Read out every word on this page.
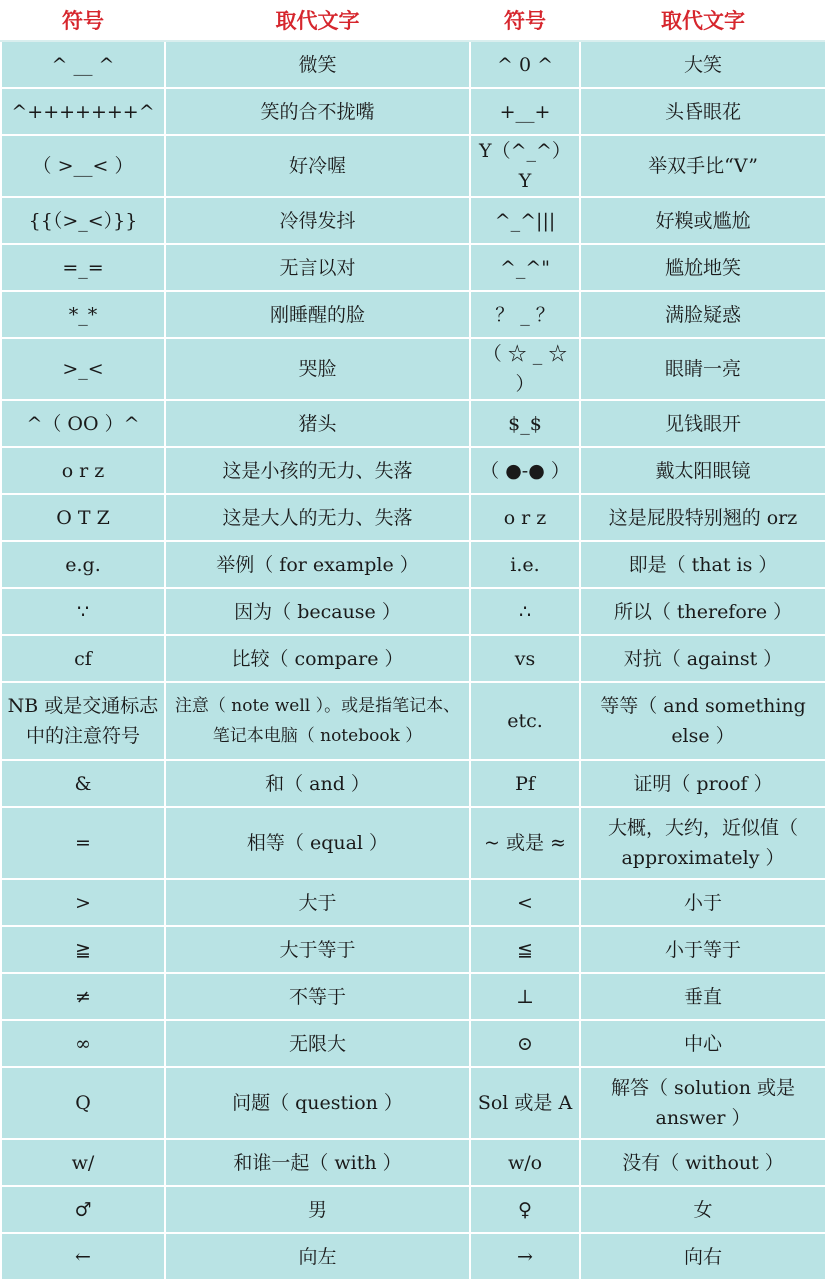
符号	取代文字	符号	取代文字
^ __ ^	微笑	^ 0 ^	大笑
^+++++++^	笑的合不拢嘴	+__+	头昏眼花
（ >__< ）	好冷喔	Y（^_^）Y	举双手比“V”
{{（>_<）}}	冷得发抖	^_^|||	好糗或尴尬
=_=	无言以对	^_^"	尴尬地笑
*_*	刚睡醒的脸	？ _ ？	满脸疑惑
>_<	哭脸	（ ☆ _ ☆ ）	眼睛一亮
^（ OO ）^	猪头	$_$	见钱眼开
o r z	这是小孩的无力、失落	（ ●-● ）	戴太阳眼镜
O T Z	这是大人的无力、失落	o r z	这是屁股特别翘的 orz
e.g.	举例（ for example ）	i.e.	即是（ that is ）
∵	因为（ because ）	∴	所以（ therefore ）
cf	比较（ compare ）	vs	对抗（ against ）
NB 或是交通标志中的注意符号	注意（ note well ）。或是指笔记本、笔记本电脑（ notebook ）	etc.	等等（ and something else ）
&	和（ and ）	Pf	证明（ proof ）
=	相等（ equal ）	~ 或是 ≈	大概，大约，近似值（ approximately ）
>	大于	<	小于
≧	大于等于	≦	小于等于
≠	不等于	⊥	垂直
∞	无限大	⊙	中心
Q	问题（ question ）	Sol 或是 A	解答（ solution 或是 answer ）
w/	和谁一起（ with ）	w/o	没有（ without ）
♂	男	♀	女
←	向左	→	向右
